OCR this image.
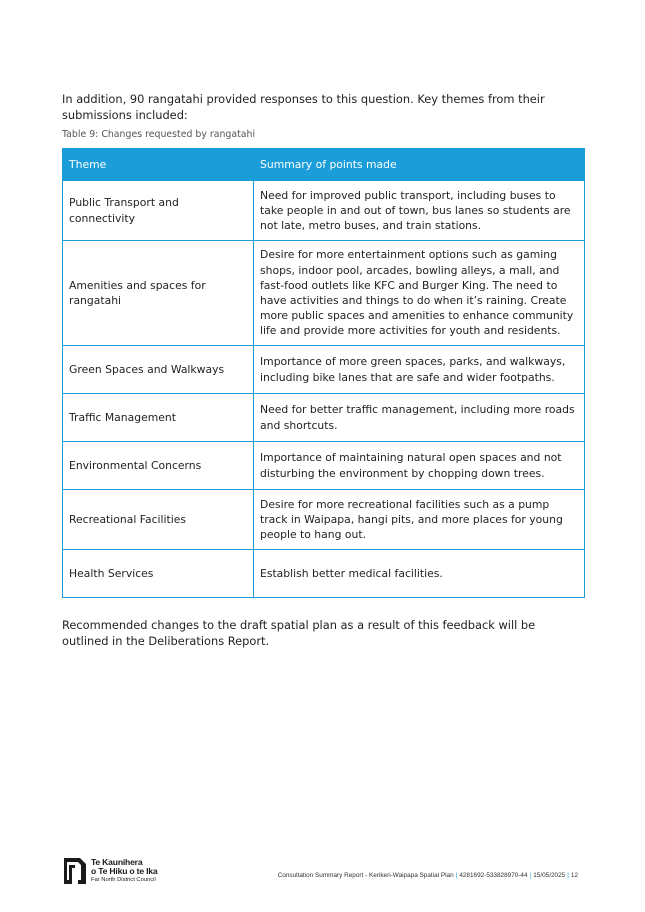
In addition, 90 rangatahi provided responses to this question. Key themes from their submissions included:

Table 9: Changes requested by rangatahi

Theme	Summary of points made
Public Transport and connectivity	Need for improved public transport, including buses to take people in and out of town, bus lanes so students are not late, metro buses, and train stations.
Amenities and spaces for rangatahi	Desire for more entertainment options such as gaming shops, indoor pool, arcades, bowling alleys, a mall, and fast-food outlets like KFC and Burger King. The need to have activities and things to do when it’s raining. Create more public spaces and amenities to enhance community life and provide more activities for youth and residents.
Green Spaces and Walkways	Importance of more green spaces, parks, and walkways, including bike lanes that are safe and wider footpaths.
Traffic Management	Need for better traffic management, including more roads and shortcuts.
Environmental Concerns	Importance of maintaining natural open spaces and not disturbing the environment by chopping down trees.
Recreational Facilities	Desire for more recreational facilities such as a pump track in Waipapa, hangi pits, and more places for young people to hang out.
Health Services	Establish better medical facilities.

Recommended changes to the draft spatial plan as a result of this feedback will be outlined in the Deliberations Report.

Te Kaunihera
o Te Hiku o te Ika
Far North District Council
Consultation Summary Report - Kerikeri-Waipapa Spatial Plan | 4281692-533828970-44 | 15/05/2025 | 12
